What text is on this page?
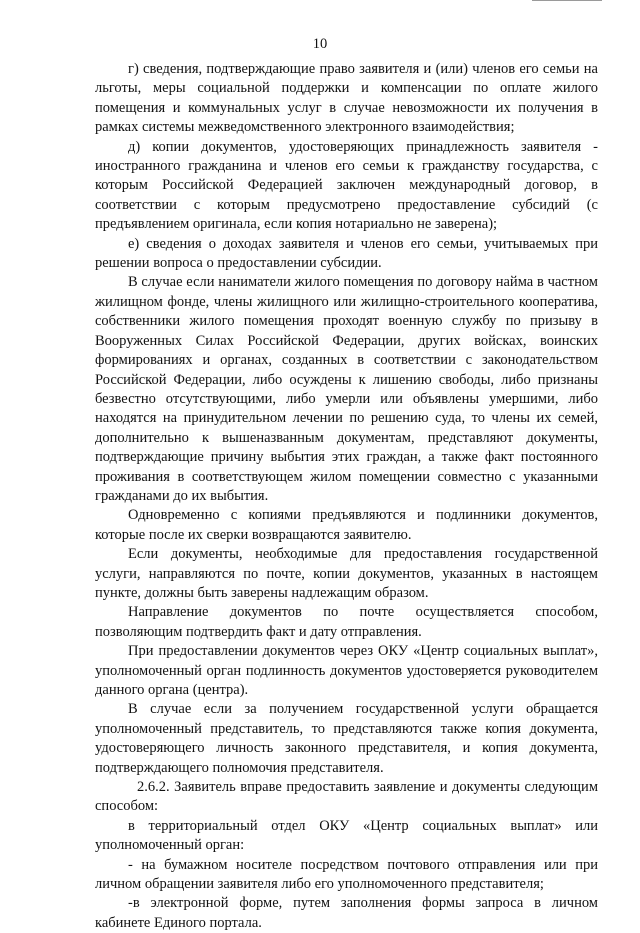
10

г) сведения, подтверждающие право заявителя и (или) членов его семьи на льготы, меры социальной поддержки и компенсации по оплате жилого помещения и коммунальных услуг в случае невозможности их получения в рамках системы межведомственного электронного взаимодействия;

д) копии документов, удостоверяющих принадлежность заявителя - иностранного гражданина и членов его семьи к гражданству государства, с которым Российской Федерацией заключен международный договор, в соответствии с которым предусмотрено предоставление субсидий (с предъявлением оригинала, если копия нотариально не заверена);

е) сведения о доходах заявителя и членов его семьи, учитываемых при решении вопроса о предоставлении субсидии.

В случае если наниматели жилого помещения по договору найма в частном жилищном фонде, члены жилищного или жилищно-строительного кооператива, собственники жилого помещения проходят военную службу по призыву в Вооруженных Силах Российской Федерации, других войсках, воинских формированиях и органах, созданных в соответствии с законодательством Российской Федерации, либо осуждены к лишению свободы, либо признаны безвестно отсутствующими, либо умерли или объявлены умершими, либо находятся на принудительном лечении по решению суда, то члены их семей, дополнительно к вышеназванным документам, представляют документы, подтверждающие причину выбытия этих граждан, а также факт постоянного проживания в соответствующем жилом помещении совместно с указанными гражданами до их выбытия.

Одновременно с копиями предъявляются и подлинники документов, которые после их сверки возвращаются заявителю.

Если документы, необходимые для предоставления государственной услуги, направляются по почте, копии документов, указанных в настоящем пункте, должны быть заверены надлежащим образом.

Направление документов по почте осуществляется способом, позволяющим подтвердить факт и дату отправления.

При предоставлении документов через ОКУ «Центр социальных выплат», уполномоченный орган подлинность документов удостоверяется руководителем данного органа (центра).

В случае если за получением государственной услуги обращается уполномоченный представитель, то представляются также копия документа, удостоверяющего личность законного представителя, и копия документа, подтверждающего полномочия представителя.

2.6.2. Заявитель вправе предоставить заявление и документы следующим способом:

в территориальный отдел ОКУ «Центр социальных выплат» или уполномоченный орган:

- на бумажном носителе посредством почтового отправления или при личном обращении заявителя либо его уполномоченного представителя;

-в электронной форме, путем заполнения формы запроса в личном кабинете Единого портала.
